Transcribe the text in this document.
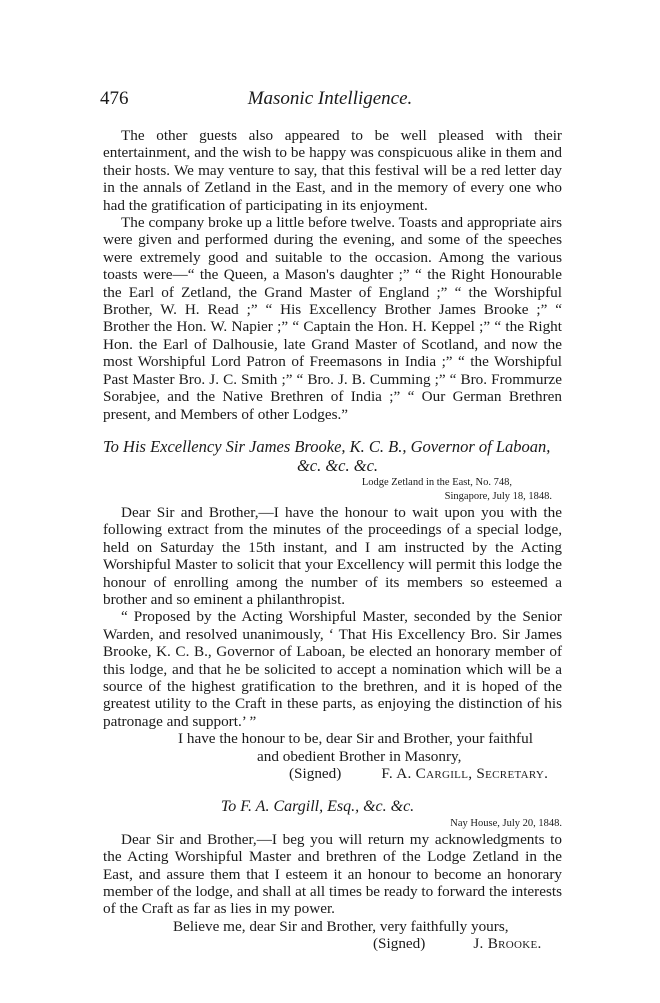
476	Masonic Intelligence.

The other guests also appeared to be well pleased with their entertainment, and the wish to be happy was conspicuous alike in them and their hosts. We may venture to say, that this festival will be a red letter day in the annals of Zetland in the East, and in the memory of every one who had the gratification of participating in its enjoyment.

The company broke up a little before twelve. Toasts and appropriate airs were given and performed during the evening, and some of the speeches were extremely good and suitable to the occasion. Among the various toasts were—“ the Queen, a Mason's daughter ;” “ the Right Honourable the Earl of Zetland, the Grand Master of England ;” “ the Worshipful Brother, W. H. Read ;” “ His Excellency Brother James Brooke ;” “ Brother the Hon. W. Napier ;” “ Captain the Hon. H. Keppel ;” “ the Right Hon. the Earl of Dalhousie, late Grand Master of Scotland, and now the most Worshipful Lord Patron of Freemasons in India ;” “ the Worshipful Past Master Bro. J. C. Smith ;” “ Bro. J. B. Cumming ;” “ Bro. Frommurze Sorabjee, and the Native Brethren of India ;” “ Our German Brethren present, and Members of other Lodges.”

To His Excellency Sir James Brooke, K. C. B., Governor of Laboan,
&c. &c. &c.
Lodge Zetland in the East, No. 748,
Singapore, July 18, 1848.

Dear Sir and Brother,—I have the honour to wait upon you with the following extract from the minutes of the proceedings of a special lodge, held on Saturday the 15th instant, and I am instructed by the Acting Worshipful Master to solicit that your Excellency will permit this lodge the honour of enrolling among the number of its members so esteemed a brother and so eminent a philanthropist.

“ Proposed by the Acting Worshipful Master, seconded by the Senior Warden, and resolved unanimously, ‘ That His Excellency Bro. Sir James Brooke, K. C. B., Governor of Laboan, be elected an honorary member of this lodge, and that he be solicited to accept a nomination which will be a source of the highest gratification to the brethren, and it is hoped of the greatest utility to the Craft in these parts, as enjoying the distinction of his patronage and support.’ ”

I have the honour to be, dear Sir and Brother, your faithful

and obedient Brother in Masonry,

(Signed)	F. A. Cargill, Secretary.
To F. A. Cargill, Esq., &c. &c.
Nay House, July 20, 1848.

Dear Sir and Brother,—I beg you will return my acknowledgments to the Acting Worshipful Master and brethren of the Lodge Zetland in the East, and assure them that I esteem it an honour to become an honorary member of the lodge, and shall at all times be ready to forward the interests of the Craft as far as lies in my power.

Believe me, dear Sir and Brother, very faithfully yours,

(Signed)	J. Brooke.
